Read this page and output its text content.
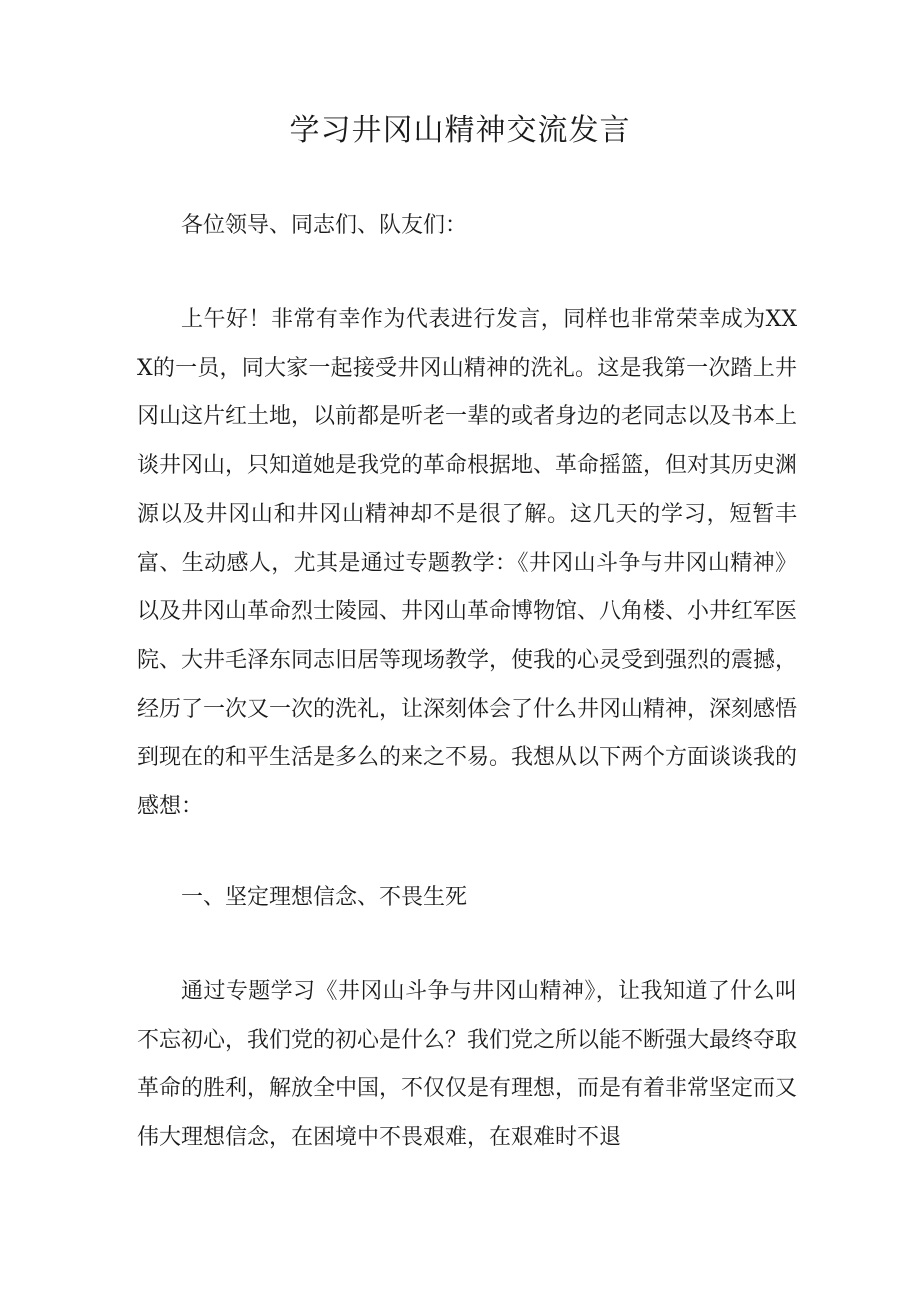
学习井冈山精神交流发言

各位领导、同志们、队友们：

上午好！非常有幸作为代表进行发言，同样也非常荣幸成为XXX的一员，同大家一起接受井冈山精神的洗礼。这是我第一次踏上井冈山这片红土地，以前都是听老一辈的或者身边的老同志以及书本上谈井冈山，只知道她是我党的革命根据地、革命摇篮，但对其历史渊源以及井冈山和井冈山精神却不是很了解。这几天的学习，短暂丰富、生动感人，尤其是通过专题教学：《井冈山斗争与井冈山精神》以及井冈山革命烈士陵园、井冈山革命博物馆、八角楼、小井红军医院、大井毛泽东同志旧居等现场教学，使我的心灵受到强烈的震撼，经历了一次又一次的洗礼，让深刻体会了什么井冈山精神，深刻感悟到现在的和平生活是多么的来之不易。我想从以下两个方面谈谈我的感想：

一、坚定理想信念、不畏生死

通过专题学习《井冈山斗争与井冈山精神》，让我知道了什么叫不忘初心，我们党的初心是什么？我们党之所以能不断强大最终夺取革命的胜利，解放全中国，不仅仅是有理想，而是有着非常坚定而又伟大理想信念，在困境中不畏艰难，在艰难时不退
